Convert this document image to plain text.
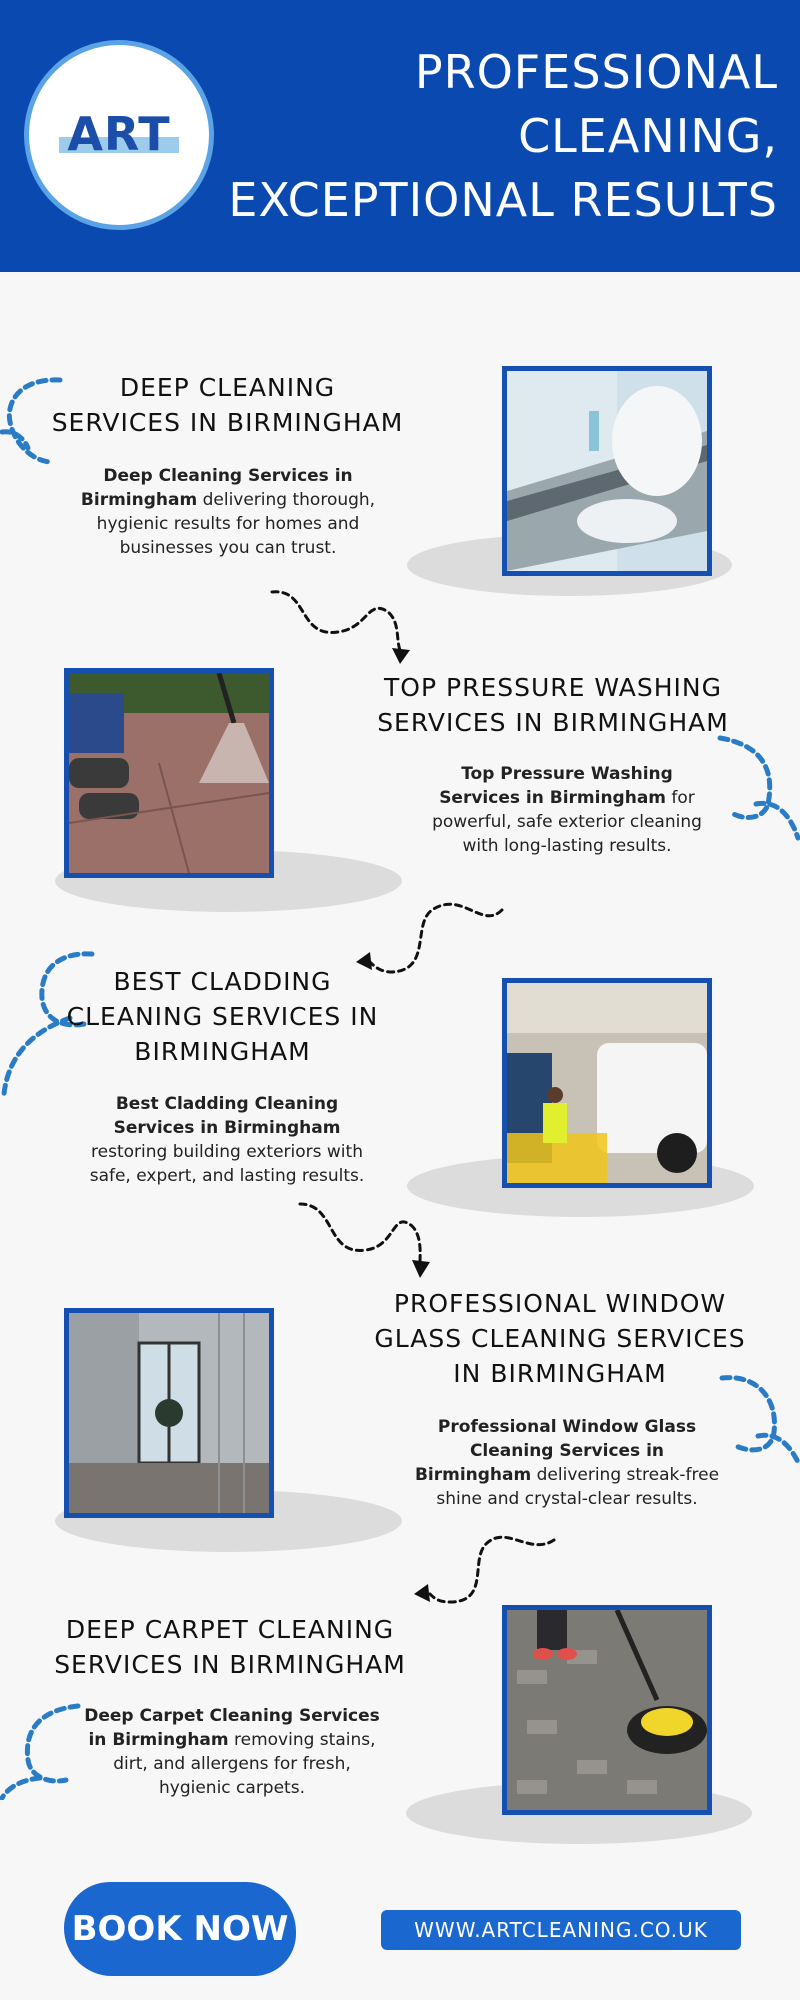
ART
PROFESSIONAL
CLEANING,
EXCEPTIONAL RESULTS
DEEP CLEANING
SERVICES IN BIRMINGHAM
Deep Cleaning Services in Birmingham delivering thorough, hygienic results for homes and businesses you can trust.
TOP PRESSURE WASHING
SERVICES IN BIRMINGHAM
Top Pressure Washing Services in Birmingham for powerful, safe exterior cleaning with long-lasting results.
BEST CLADDING
CLEANING SERVICES IN
BIRMINGHAM
Best Cladding Cleaning Services in Birmingham restoring building exteriors with safe, expert, and lasting results.
PROFESSIONAL WINDOW
GLASS CLEANING SERVICES
IN BIRMINGHAM
Professional Window Glass Cleaning Services in Birmingham delivering streak-free shine and crystal-clear results.
DEEP CARPET CLEANING
SERVICES IN BIRMINGHAM
Deep Carpet Cleaning Services in Birmingham removing stains, dirt, and allergens for fresh, hygienic carpets.
BOOK NOW	WWW.ARTCLEANING.CO.UK
